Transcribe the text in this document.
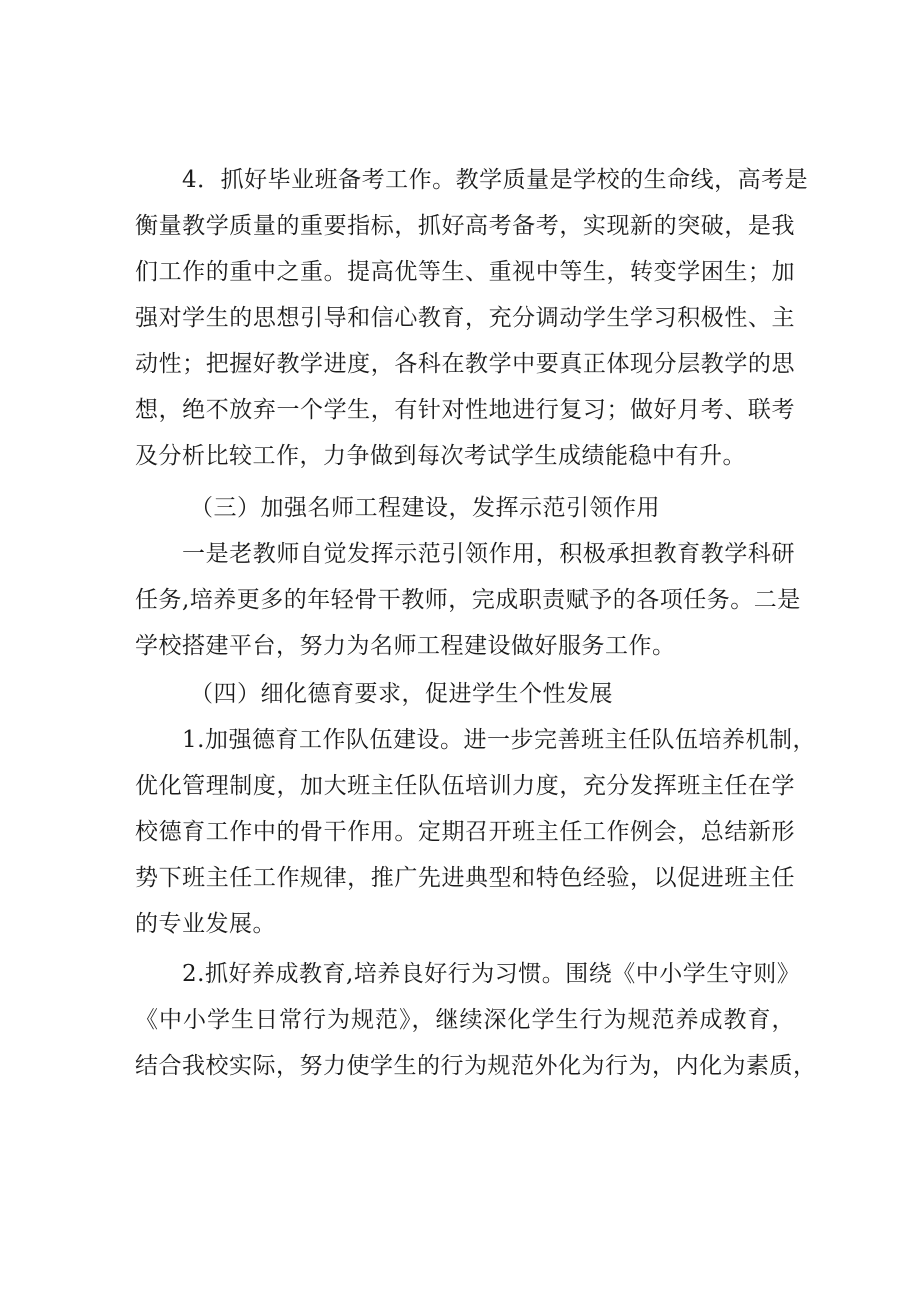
4．抓好毕业班备考工作。教学质量是学校的生命线，高考是
衡量教学质量的重要指标，抓好高考备考，实现新的突破，是我
们工作的重中之重。提高优等生、重视中等生，转变学困生；加
强对学生的思想引导和信心教育，充分调动学生学习积极性、主
动性；把握好教学进度，各科在教学中要真正体现分层教学的思
想，绝不放弃一个学生，有针对性地进行复习；做好月考、联考
及分析比较工作，力争做到每次考试学生成绩能稳中有升。
（三）加强名师工程建设，发挥示范引领作用
一是老教师自觉发挥示范引领作用，积极承担教育教学科研
任务,培养更多的年轻骨干教师，完成职责赋予的各项任务。二是
学校搭建平台，努力为名师工程建设做好服务工作。
（四）细化德育要求，促进学生个性发展
1.加强德育工作队伍建设。进一步完善班主任队伍培养机制，
优化管理制度，加大班主任队伍培训力度，充分发挥班主任在学
校德育工作中的骨干作用。定期召开班主任工作例会，总结新形
势下班主任工作规律，推广先进典型和特色经验，以促进班主任
的专业发展。
2.抓好养成教育,培养良好行为习惯。围绕《中小学生守则》
《中小学生日常行为规范》，继续深化学生行为规范养成教育，
结合我校实际，努力使学生的行为规范外化为行为，内化为素质，
